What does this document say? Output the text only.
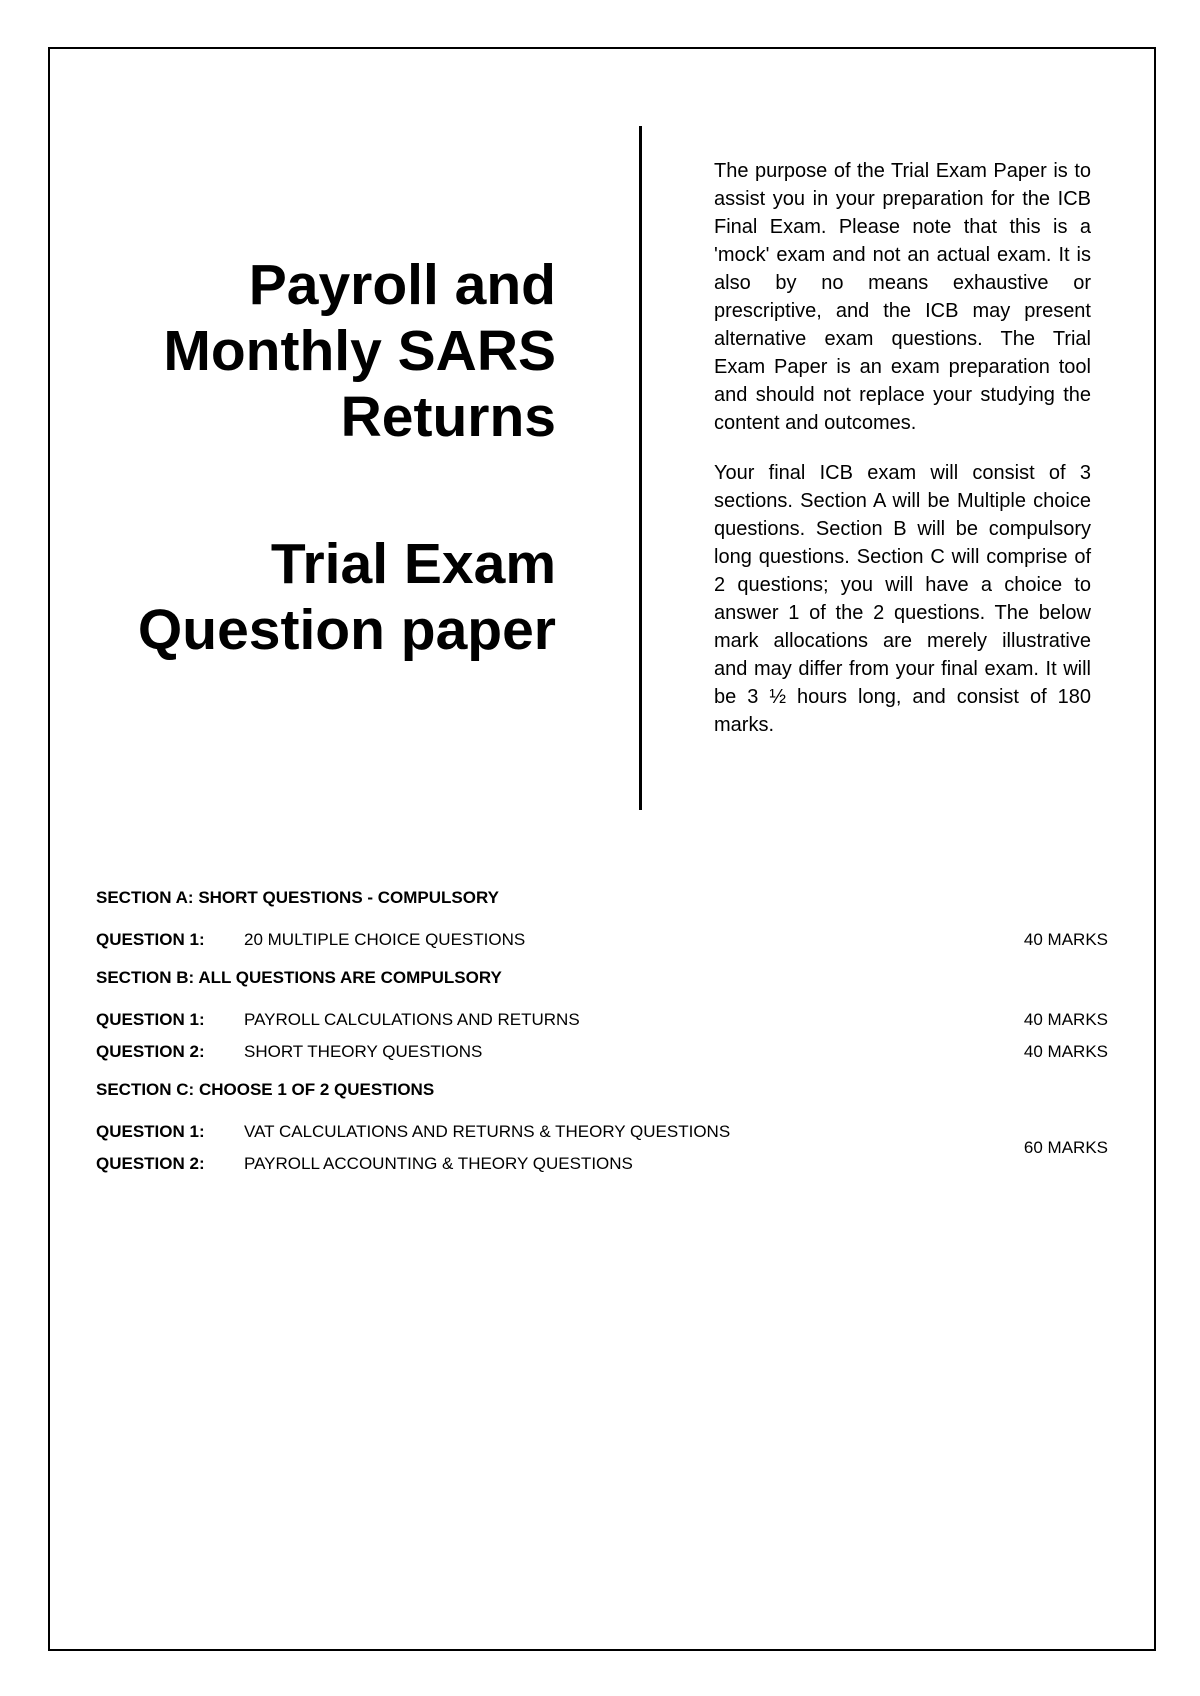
Payroll and
Monthly SARS
Returns
Trial Exam
Question paper

The purpose of the Trial Exam Paper is to assist you in your preparation for the ICB Final Exam. Please note that this is a 'mock' exam and not an actual exam. It is also by no means exhaustive or prescriptive, and the ICB may present alternative exam questions. The Trial Exam Paper is an exam preparation tool and should not replace your studying the content and outcomes.

Your final ICB exam will consist of 3 sections. Section A will be Multiple choice questions. Section B will be compulsory long questions. Section C will comprise of 2 questions; you will have a choice to answer 1 of the 2 questions. The below mark allocations are merely illustrative and may differ from your final exam. It will be 3 ½ hours long, and consist of 180 marks.

SECTION A: SHORT QUESTIONS - COMPULSORY
QUESTION 1: 20 MULTIPLE CHOICE QUESTIONS	40 MARKS
SECTION B: ALL QUESTIONS ARE COMPULSORY
QUESTION 1: PAYROLL CALCULATIONS AND RETURNS	40 MARKS
QUESTION 2: SHORT THEORY QUESTIONS	40 MARKS
SECTION C: CHOOSE 1 OF 2 QUESTIONS
QUESTION 1: VAT CALCULATIONS AND RETURNS & THEORY QUESTIONS
QUESTION 2: PAYROLL ACCOUNTING & THEORY QUESTIONS
60 MARKS
